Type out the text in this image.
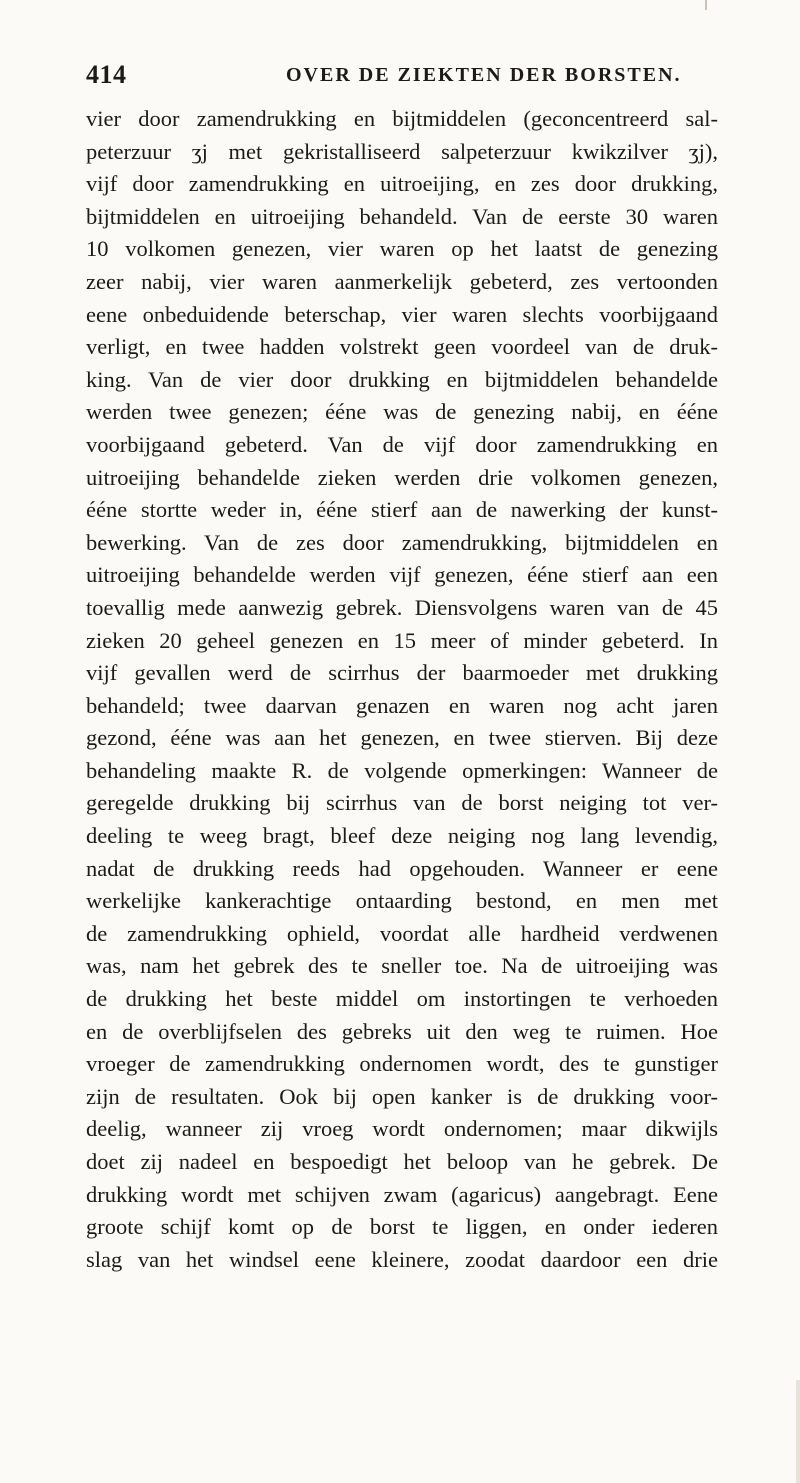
414	OVER DE ZIEKTEN DER BORSTEN.
vier door zamendrukking en bijtmiddelen (geconcentreerd sal-
peterzuur ʒj met gekristalliseerd salpeterzuur kwikzilver ʒj),
vijf door zamendrukking en uitroeijing, en zes door drukking,
bijtmiddelen en uitroeijing behandeld. Van de eerste 30 waren
10 volkomen genezen, vier waren op het laatst de genezing
zeer nabij, vier waren aanmerkelijk gebeterd, zes vertoonden
eene onbeduidende beterschap, vier waren slechts voorbijgaand
verligt, en twee hadden volstrekt geen voordeel van de druk-
king. Van de vier door drukking en bijtmiddelen behandelde
werden twee genezen; ééne was de genezing nabij, en ééne
voorbijgaand gebeterd. Van de vijf door zamendrukking en
uitroeijing behandelde zieken werden drie volkomen genezen,
ééne stortte weder in, ééne stierf aan de nawerking der kunst-
bewerking. Van de zes door zamendrukking, bijtmiddelen en
uitroeijing behandelde werden vijf genezen, ééne stierf aan een
toevallig mede aanwezig gebrek. Diensvolgens waren van de 45
zieken 20 geheel genezen en 15 meer of minder gebeterd. In
vijf gevallen werd de scirrhus der baarmoeder met drukking
behandeld; twee daarvan genazen en waren nog acht jaren
gezond, ééne was aan het genezen, en twee stierven. Bij deze
behandeling maakte R. de volgende opmerkingen: Wanneer de
geregelde drukking bij scirrhus van de borst neiging tot ver-
deeling te weeg bragt, bleef deze neiging nog lang levendig,
nadat de drukking reeds had opgehouden. Wanneer er eene
werkelijke kankerachtige ontaarding bestond, en men met
de zamendrukking ophield, voordat alle hardheid verdwenen
was, nam het gebrek des te sneller toe. Na de uitroeijing was
de drukking het beste middel om instortingen te verhoeden
en de overblijfselen des gebreks uit den weg te ruimen. Hoe
vroeger de zamendrukking ondernomen wordt, des te gunstiger
zijn de resultaten. Ook bij open kanker is de drukking voor-
deelig, wanneer zij vroeg wordt ondernomen; maar dikwijls
doet zij nadeel en bespoedigt het beloop van he gebrek. De
drukking wordt met schijven zwam (agaricus) aangebragt. Eene
groote schijf komt op de borst te liggen, en onder iederen
slag van het windsel eene kleinere, zoodat daardoor een drie
